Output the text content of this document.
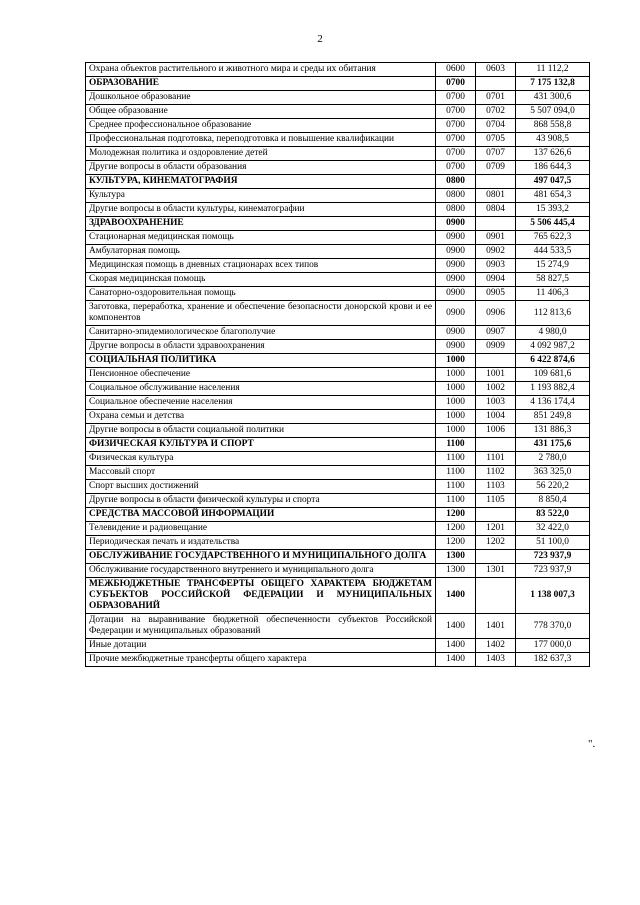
2
Охрана объектов растительного и животного мира и среды их обитания	0600	0603	11 112,2
ОБРАЗОВАНИЕ	0700		7 175 132,8
Дошкольное образование	0700	0701	431 300,6
Общее образование	0700	0702	5 507 094,0
Среднее профессиональное образование	0700	0704	868 558,8
Профессиональная подготовка, переподготовка и повышение квалификации	0700	0705	43 908,5
Молодежная политика и оздоровление детей	0700	0707	137 626,6
Другие вопросы в области образования	0700	0709	186 644,3
КУЛЬТУРА, КИНЕМАТОГРАФИЯ	0800		497 047,5
Культура	0800	0801	481 654,3
Другие вопросы в области культуры, кинематографии	0800	0804	15 393,2
ЗДРАВООХРАНЕНИЕ	0900		5 506 445,4
Стационарная медицинская помощь	0900	0901	765 622,3
Амбулаторная помощь	0900	0902	444 533,5
Медицинская помощь в дневных стационарах всех типов	0900	0903	15 274,9
Скорая медицинская помощь	0900	0904	58 827,5
Санаторно-оздоровительная помощь	0900	0905	11 406,3
Заготовка, переработка, хранение и обеспечение безопасности донорской крови и ее компонентов	0900	0906	112 813,6
Санитарно-эпидемиологическое благополучие	0900	0907	4 980,0
Другие вопросы в области здравоохранения	0900	0909	4 092 987,2
СОЦИАЛЬНАЯ ПОЛИТИКА	1000		6 422 874,6
Пенсионное обеспечение	1000	1001	109 681,6
Социальное обслуживание населения	1000	1002	1 193 882,4
Социальное обеспечение населения	1000	1003	4 136 174,4
Охрана семьи и детства	1000	1004	851 249,8
Другие вопросы в области социальной политики	1000	1006	131 886,3
ФИЗИЧЕСКАЯ КУЛЬТУРА И СПОРТ	1100		431 175,6
Физическая культура	1100	1101	2 780,0
Массовый спорт	1100	1102	363 325,0
Спорт высших достижений	1100	1103	56 220,2
Другие вопросы в области физической культуры и спорта	1100	1105	8 850,4
СРЕДСТВА МАССОВОЙ ИНФОРМАЦИИ	1200		83 522,0
Телевидение и радиовещание	1200	1201	32 422,0
Периодическая печать и издательства	1200	1202	51 100,0
ОБСЛУЖИВАНИЕ ГОСУДАРСТВЕННОГО И МУНИЦИПАЛЬНОГО ДОЛГА	1300		723 937,9
Обслуживание государственного внутреннего и муниципального долга	1300	1301	723 937,9
МЕЖБЮДЖЕТНЫЕ ТРАНСФЕРТЫ ОБЩЕГО ХАРАКТЕРА БЮДЖЕТАМ СУБЪЕКТОВ РОССИЙСКОЙ ФЕДЕРАЦИИ И МУНИЦИПАЛЬНЫХ ОБРАЗОВАНИЙ	1400		1 138 007,3
Дотации на выравнивание бюджетной обеспеченности субъектов Российской Федерации и муниципальных образований	1400	1401	778 370,0
Иные дотации	1400	1402	177 000,0
Прочие межбюджетные трансферты общего характера	1400	1403	182 637,3
".
